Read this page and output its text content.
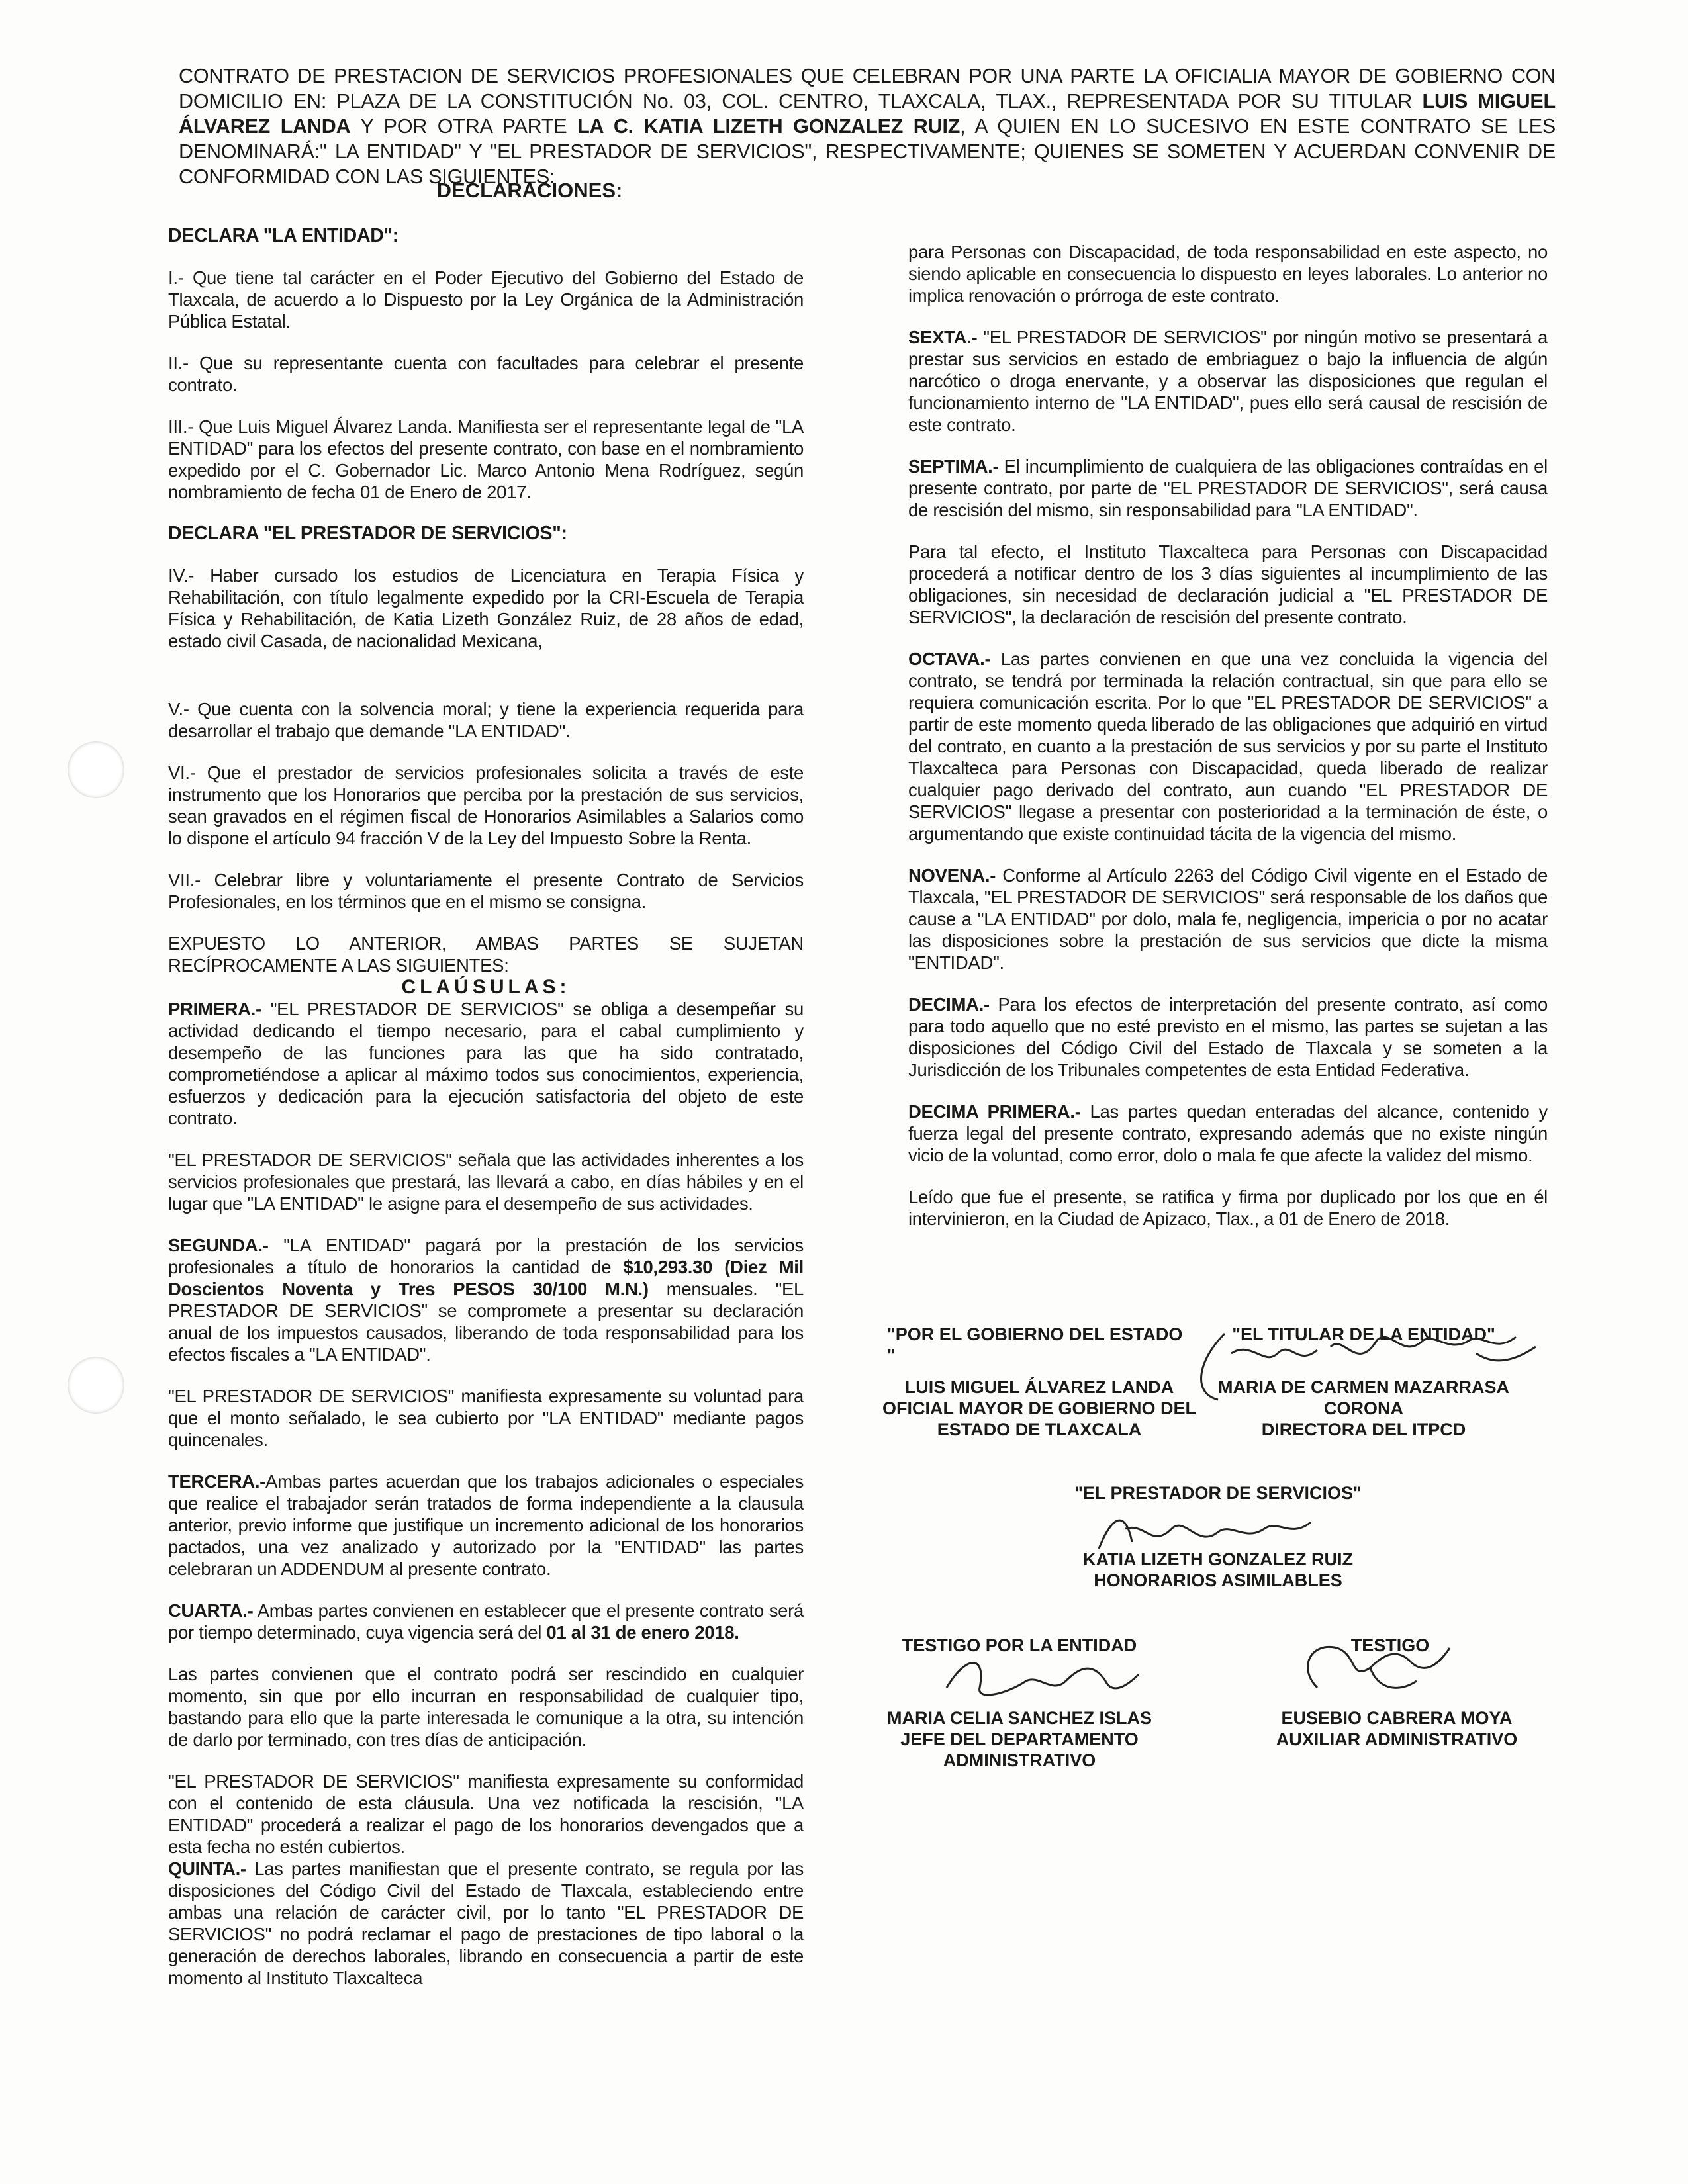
CONTRATO DE PRESTACION DE SERVICIOS PROFESIONALES QUE CELEBRAN POR UNA PARTE LA OFICIALIA MAYOR DE GOBIERNO CON DOMICILIO EN: PLAZA DE LA CONSTITUCIÓN No. 03, COL. CENTRO, TLAXCALA, TLAX., REPRESENTADA POR SU TITULAR LUIS MIGUEL ÁLVAREZ LANDA Y POR OTRA PARTE LA C. KATIA LIZETH GONZALEZ RUIZ, A QUIEN EN LO SUCESIVO EN ESTE CONTRATO SE LES DENOMINARÁ:" LA ENTIDAD" Y "EL PRESTADOR DE SERVICIOS", RESPECTIVAMENTE; QUIENES SE SOMETEN Y ACUERDAN CONVENIR DE CONFORMIDAD CON LAS SIGUIENTES:
DECLARACIONES:

DECLARA "LA ENTIDAD":

I.- Que tiene tal carácter en el Poder Ejecutivo del Gobierno del Estado de Tlaxcala, de acuerdo a lo Dispuesto por la Ley Orgánica de la Administración Pública Estatal.

II.- Que su representante cuenta con facultades para celebrar el presente contrato.

III.- Que Luis Miguel Álvarez Landa. Manifiesta ser el representante legal de "LA ENTIDAD" para los efectos del presente contrato, con base en el nombramiento expedido por el C. Gobernador Lic. Marco Antonio Mena Rodríguez, según nombramiento de fecha 01 de Enero de 2017.

DECLARA "EL PRESTADOR DE SERVICIOS":

IV.- Haber cursado los estudios de Licenciatura en Terapia Física y Rehabilitación, con título legalmente expedido por la CRI-Escuela de Terapia Física y Rehabilitación, de Katia Lizeth González Ruiz, de 28 años de edad, estado civil Casada, de nacionalidad Mexicana,

V.- Que cuenta con la solvencia moral; y tiene la experiencia requerida para desarrollar el trabajo que demande "LA ENTIDAD".

VI.- Que el prestador de servicios profesionales solicita a través de este instrumento que los Honorarios que perciba por la prestación de sus servicios, sean gravados en el régimen fiscal de Honorarios Asimilables a Salarios como lo dispone el artículo 94 fracción V de la Ley del Impuesto Sobre la Renta.

VII.- Celebrar libre y voluntariamente el presente Contrato de Servicios Profesionales, en los términos que en el mismo se consigna.

EXPUESTO LO ANTERIOR, AMBAS PARTES SE SUJETAN RECÍPROCAMENTE A LAS SIGUIENTES:

CLAÚSULAS:

PRIMERA.- "EL PRESTADOR DE SERVICIOS" se obliga a desempeñar su actividad dedicando el tiempo necesario, para el cabal cumplimiento y desempeño de las funciones para las que ha sido contratado, comprometiéndose a aplicar al máximo todos sus conocimientos, experiencia, esfuerzos y dedicación para la ejecución satisfactoria del objeto de este contrato.

"EL PRESTADOR DE SERVICIOS" señala que las actividades inherentes a los servicios profesionales que prestará, las llevará a cabo, en días hábiles y en el lugar que "LA ENTIDAD" le asigne para el desempeño de sus actividades.

SEGUNDA.- "LA ENTIDAD" pagará por la prestación de los servicios profesionales a título de honorarios la cantidad de $10,293.30 (Diez Mil Doscientos Noventa y Tres PESOS 30/100 M.N.) mensuales. "EL PRESTADOR DE SERVICIOS" se compromete a presentar su declaración anual de los impuestos causados, liberando de toda responsabilidad para los efectos fiscales a "LA ENTIDAD".

"EL PRESTADOR DE SERVICIOS" manifiesta expresamente su voluntad para que el monto señalado, le sea cubierto por "LA ENTIDAD" mediante pagos quincenales.

TERCERA.-Ambas partes acuerdan que los trabajos adicionales o especiales que realice el trabajador serán tratados de forma independiente a la clausula anterior, previo informe que justifique un incremento adicional de los honorarios pactados, una vez analizado y autorizado por la "ENTIDAD" las partes celebraran un ADDENDUM al presente contrato.

CUARTA.- Ambas partes convienen en establecer que el presente contrato será por tiempo determinado, cuya vigencia será del 01 al 31 de enero 2018.

Las partes convienen que el contrato podrá ser rescindido en cualquier momento, sin que por ello incurran en responsabilidad de cualquier tipo, bastando para ello que la parte interesada le comunique a la otra, su intención de darlo por terminado, con tres días de anticipación.

"EL PRESTADOR DE SERVICIOS" manifiesta expresamente su conformidad con el contenido de esta cláusula. Una vez notificada la rescisión, "LA ENTIDAD" procederá a realizar el pago de los honorarios devengados que a esta fecha no estén cubiertos.

QUINTA.- Las partes manifiestan que el presente contrato, se regula por las disposiciones del Código Civil del Estado de Tlaxcala, estableciendo entre ambas una relación de carácter civil, por lo tanto "EL PRESTADOR DE SERVICIOS" no podrá reclamar el pago de prestaciones de tipo laboral o la generación de derechos laborales, librando en consecuencia a partir de este momento al Instituto Tlaxcalteca

para Personas con Discapacidad, de toda responsabilidad en este aspecto, no siendo aplicable en consecuencia lo dispuesto en leyes laborales. Lo anterior no implica renovación o prórroga de este contrato.

SEXTA.- "EL PRESTADOR DE SERVICIOS" por ningún motivo se presentará a prestar sus servicios en estado de embriaguez o bajo la influencia de algún narcótico o droga enervante, y a observar las disposiciones que regulan el funcionamiento interno de "LA ENTIDAD", pues ello será causal de rescisión de este contrato.

SEPTIMA.- El incumplimiento de cualquiera de las obligaciones contraídas en el presente contrato, por parte de "EL PRESTADOR DE SERVICIOS", será causa de rescisión del mismo, sin responsabilidad para "LA ENTIDAD".

Para tal efecto, el Instituto Tlaxcalteca para Personas con Discapacidad procederá a notificar dentro de los 3 días siguientes al incumplimiento de las obligaciones, sin necesidad de declaración judicial a "EL PRESTADOR DE SERVICIOS", la declaración de rescisión del presente contrato.

OCTAVA.- Las partes convienen en que una vez concluida la vigencia del contrato, se tendrá por terminada la relación contractual, sin que para ello se requiera comunicación escrita. Por lo que "EL PRESTADOR DE SERVICIOS" a partir de este momento queda liberado de las obligaciones que adquirió en virtud del contrato, en cuanto a la prestación de sus servicios y por su parte el Instituto Tlaxcalteca para Personas con Discapacidad, queda liberado de realizar cualquier pago derivado del contrato, aun cuando "EL PRESTADOR DE SERVICIOS" llegase a presentar con posterioridad a la terminación de éste, o argumentando que existe continuidad tácita de la vigencia del mismo.

NOVENA.- Conforme al Artículo 2263 del Código Civil vigente en el Estado de Tlaxcala, "EL PRESTADOR DE SERVICIOS" será responsable de los daños que cause a "LA ENTIDAD" por dolo, mala fe, negligencia, impericia o por no acatar las disposiciones sobre la prestación de sus servicios que dicte la misma "ENTIDAD".

DECIMA.- Para los efectos de interpretación del presente contrato, así como para todo aquello que no esté previsto en el mismo, las partes se sujetan a las disposiciones del Código Civil del Estado de Tlaxcala y se someten a la Jurisdicción de los Tribunales competentes de esta Entidad Federativa.

DECIMA PRIMERA.- Las partes quedan enteradas del alcance, contenido y fuerza legal del presente contrato, expresando además que no existe ningún vicio de la voluntad, como error, dolo o mala fe que afecte la validez del mismo.

Leído que fue el presente, se ratifica y firma por duplicado por los que en él intervinieron, en la Ciudad de Apizaco, Tlax., a 01 de Enero de 2018.

"POR EL GOBIERNO DEL ESTADO "
"EL TITULAR DE LA ENTIDAD"
LUIS MIGUEL ÁLVAREZ LANDA
OFICIAL MAYOR DE GOBIERNO DEL
ESTADO DE TLAXCALA
MARIA DE CARMEN MAZARRASA
CORONA
DIRECTORA DEL ITPCD
"EL PRESTADOR DE SERVICIOS"
KATIA LIZETH GONZALEZ RUIZ
HONORARIOS ASIMILABLES
TESTIGO POR LA ENTIDAD
MARIA CELIA SANCHEZ ISLAS
JEFE DEL DEPARTAMENTO
ADMINISTRATIVO
TESTIGO
EUSEBIO CABRERA MOYA
AUXILIAR ADMINISTRATIVO
